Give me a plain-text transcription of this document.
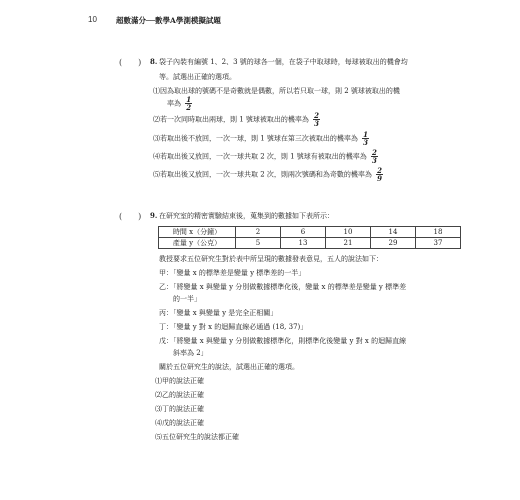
10	超數滿分──數學A學測模擬試題
(　　) 8. 袋子內裝有編號 1、2、3 號的球各一個，在袋子中取球時，每球被取出的機會均
等。試選出正確的選項。
⑴因為取出球的號碼不是奇數就是偶數，所以若只取一球，則 2 號球被取出的機
率為 $\frac{1}{2}$
⑵若一次同時取出兩球，則 1 號球被取出的機率為 $\frac{2}{3}$
⑶若取出後不放回，一次一球，則 1 號球在第三次被取出的機率為 $\frac{1}{3}$
⑷若取出後又放回，一次一球共取 2 次，則 1 號球有被取出的機率為 $\frac{2}{3}$
⑸若取出後又放回，一次一球共取 2 次，則兩次號碼和為奇數的機率為 $\frac{2}{9}$
(　　) 9. 在研究室的精密實驗結束後，蒐集到的數據如下表所示：
時間 x（分鐘）	2	6	10	14	18
產量 y（公克）	5	13	21	29	37
教授要求五位研究生對於表中所呈現的數據發表意見，五人的說法如下：
甲：「變量 x 的標準差是變量 y 標準差的一半」
乙：「將變量 x 與變量 y 分別做數據標準化後，變量 x 的標準差是變量 y 標準差
的一半」
丙：「變量 x 與變量 y 是完全正相關」
丁：「變量 y 對 x 的迴歸直線必通過 (18, 37)」
戊：「將變量 x 與變量 y 分別做數據標準化，則標準化後變量 y 對 x 的迴歸直線
斜率為 2」
關於五位研究生的說法，試選出正確的選項。
⑴甲的說法正確
⑵乙的說法正確
⑶丁的說法正確
⑷戊的說法正確
⑸五位研究生的說法都正確
